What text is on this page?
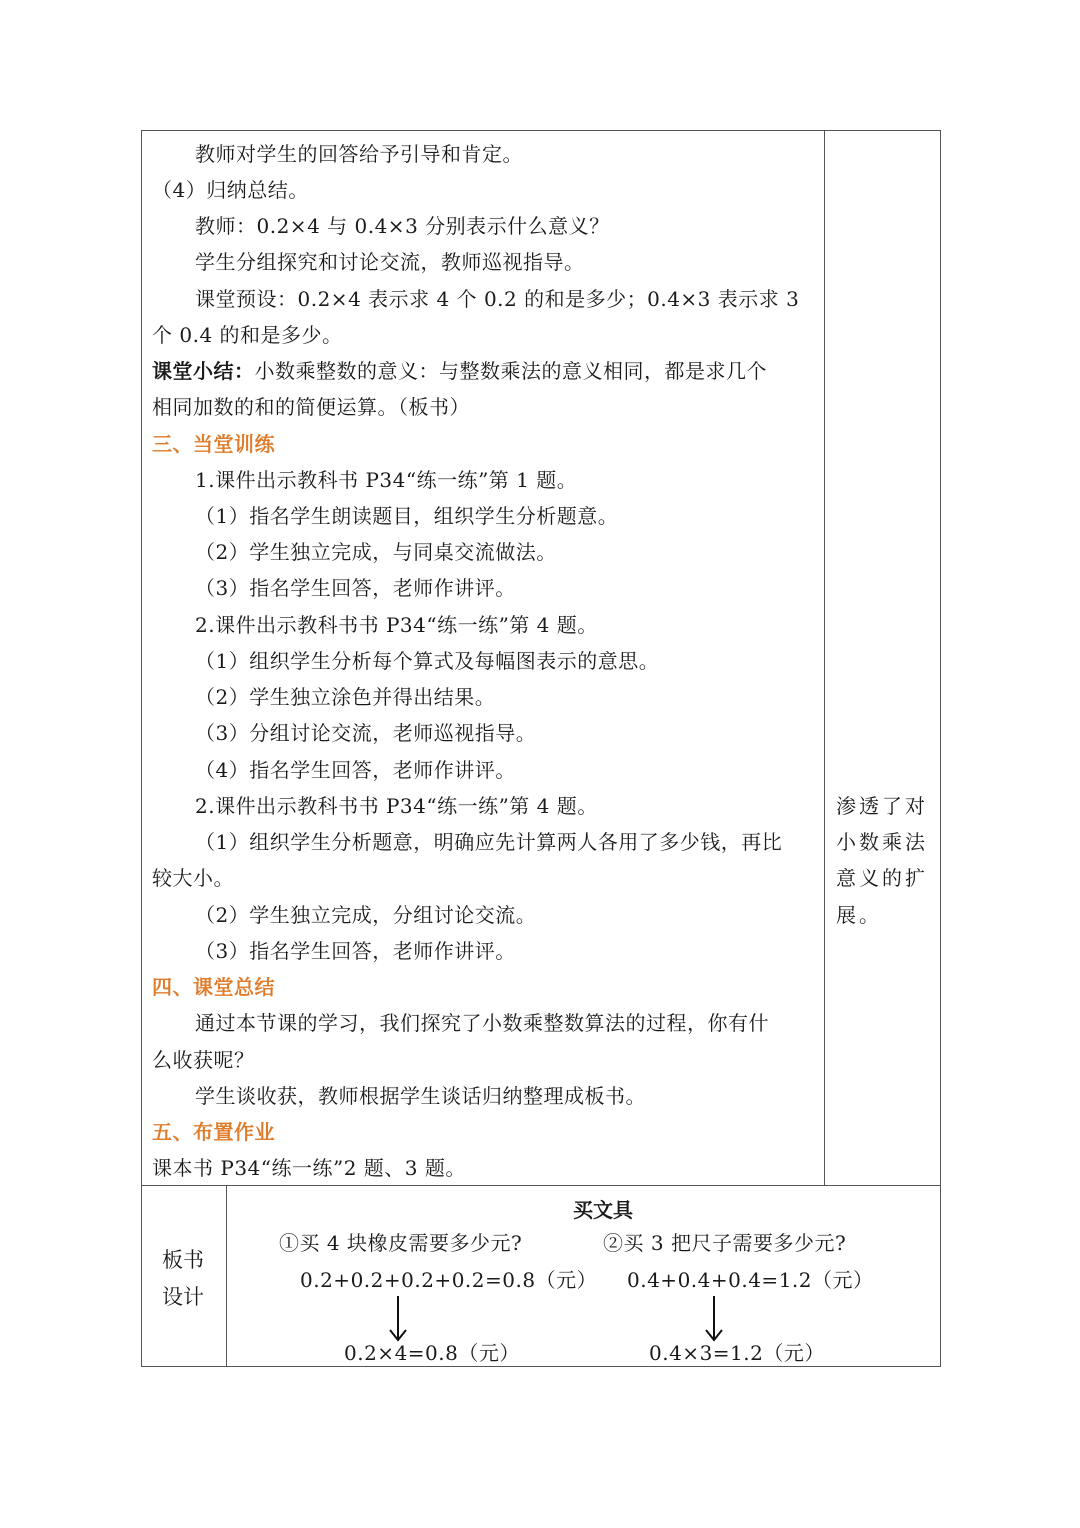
教师对学生的回答给予引导和肯定。
（4）归纳总结。
教师：0.2×4 与 0.4×3 分别表示什么意义？
学生分组探究和讨论交流，教师巡视指导。
课堂预设：0.2×4 表示求 4 个 0.2 的和是多少；0.4×3 表示求 3
个 0.4 的和是多少。
课堂小结：小数乘整数的意义：与整数乘法的意义相同，都是求几个
相同加数的和的简便运算。（板书）
三、当堂训练
1.课件出示教科书 P34“练一练”第 1 题。
（1）指名学生朗读题目，组织学生分析题意。
（2）学生独立完成，与同桌交流做法。
（3）指名学生回答，老师作讲评。
2.课件出示教科书书 P34“练一练”第 4 题。
（1）组织学生分析每个算式及每幅图表示的意思。
（2）学生独立涂色并得出结果。
（3）分组讨论交流，老师巡视指导。
（4）指名学生回答，老师作讲评。
2.课件出示教科书书 P34“练一练”第 4 题。
（1）组织学生分析题意，明确应先计算两人各用了多少钱，再比
较大小。
（2）学生独立完成，分组讨论交流。
（3）指名学生回答，老师作讲评。
四、课堂总结
通过本节课的学习，我们探究了小数乘整数算法的过程，你有什
么收获呢？
学生谈收获，教师根据学生谈话归纳整理成板书。
五、布置作业
课本书 P34“练一练”2 题、3 题。
渗透了对
小数乘法
意义的扩
展。
板书
设计
买文具
①买 4 块橡皮需要多少元?	②买 3 把尺子需要多少元?
0.2+0.2+0.2+0.2=0.8（元） 0.4+0.4+0.4=1.2（元）
0.2×4=0.8（元）	0.4×3=1.2（元）
